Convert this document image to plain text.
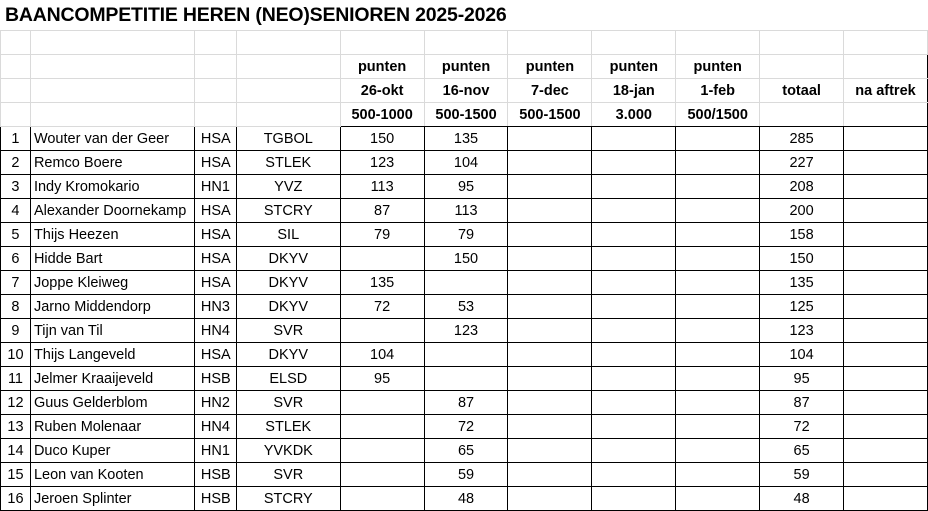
BAANCOMPETITIE HEREN (NEO)SENIOREN 2025-2026

				punten	punten	punten	punten	punten		
				26-okt	16-nov	7-dec	18-jan	1-feb	totaal	na aftrek
				500-1000	500-1500	500-1500	3.000	500/1500		
1	Wouter van der Geer	HSA	TGBOL	150	135				285	
2	Remco Boere	HSA	STLEK	123	104				227	
3	Indy Kromokario	HN1	YVZ	113	95				208	
4	Alexander Doornekamp	HSA	STCRY	87	113				200	
5	Thijs Heezen	HSA	SIL	79	79				158	
6	Hidde Bart	HSA	DKYV		150				150	
7	Joppe Kleiweg	HSA	DKYV	135					135	
8	Jarno Middendorp	HN3	DKYV	72	53				125	
9	Tijn van Til	HN4	SVR		123				123	
10	Thijs Langeveld	HSA	DKYV	104					104	
11	Jelmer Kraaijeveld	HSB	ELSD	95					95	
12	Guus Gelderblom	HN2	SVR		87				87	
13	Ruben Molenaar	HN4	STLEK		72				72	
14	Duco Kuper	HN1	YVKDK		65				65	
15	Leon van Kooten	HSB	SVR		59				59	
16	Jeroen Splinter	HSB	STCRY		48				48	
